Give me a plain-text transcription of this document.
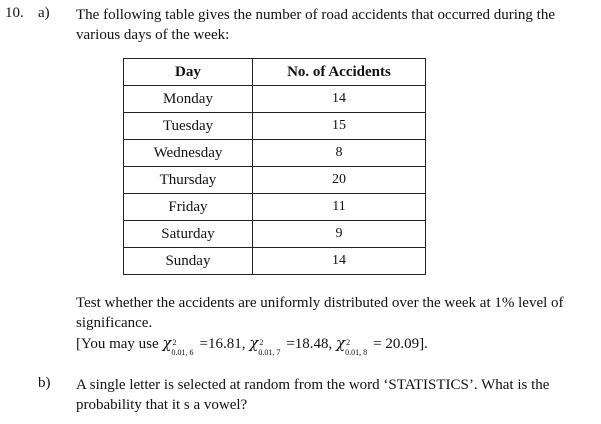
10. a) The following table gives the number of road accidents that occurred during the
various days of the week:
Day	No. of Accidents
Monday	14
Tuesday	15
Wednesday	8
Thursday	20
Friday	11
Saturday	9
Sunday	14
Test whether the accidents are uniformly distributed over the week at 1% level of
significance.
[You may use χ 2
0.01, 6
=16.81, χ 2
0.01, 7
=18.48, χ 2
0.01, 8
= 20.09].
b) A single letter is selected at random from the word ‘STATISTICS’. What is the
probability that it s a vowel?
